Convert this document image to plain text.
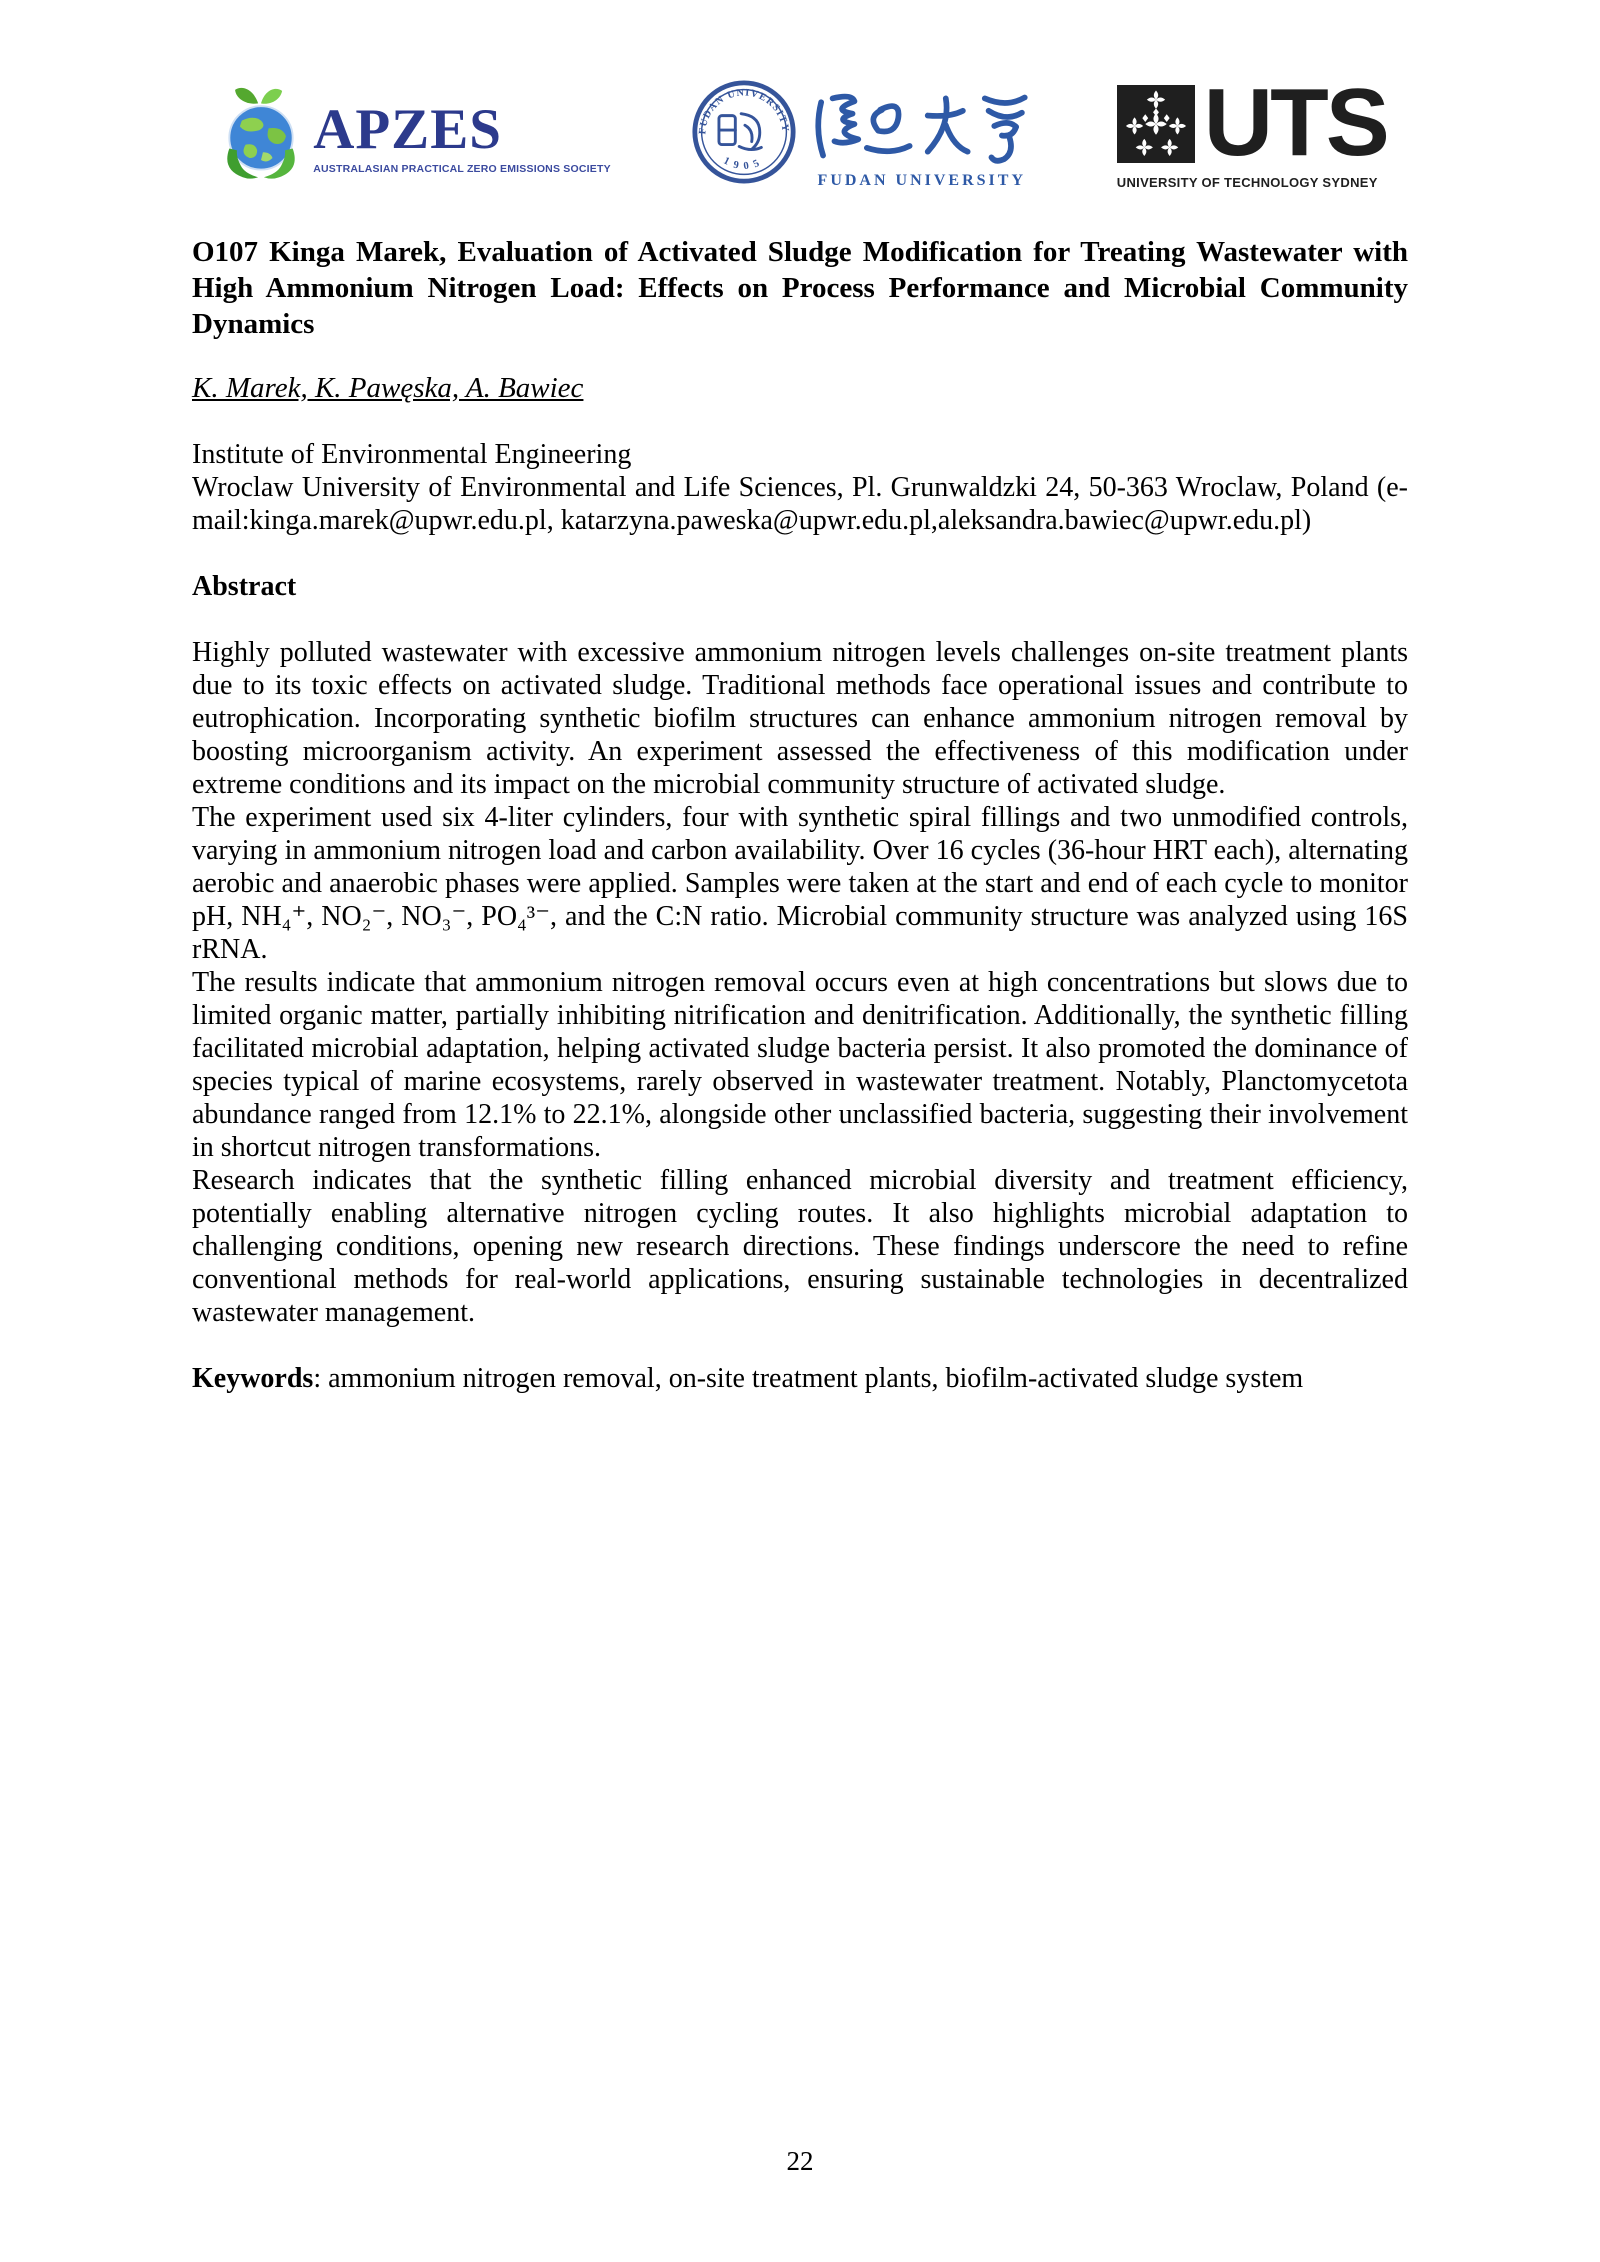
APZES
AUSTRALASIAN PRACTICAL ZERO EMISSIONS SOCIETY
FUDAN UNIVERSITY
1905
FUDAN UNIVERSITY
UTS
UNIVERSITY OF TECHNOLOGY SYDNEY

O107 Kinga Marek, Evaluation of Activated Sludge Modification for Treating Wastewater with High Ammonium Nitrogen Load: Effects on Process Performance and Microbial Community Dynamics

K. Marek, K. Pawęska, A. Bawiec

Institute of Environmental Engineering

Wroclaw University of Environmental and Life Sciences, Pl. Grunwaldzki 24, 50-363 Wroclaw, Poland (e-mail:kinga.marek@upwr.edu.pl, katarzyna.paweska@upwr.edu.pl,aleksandra.bawiec@upwr.edu.pl)

Abstract

Highly polluted wastewater with excessive ammonium nitrogen levels challenges on-site treatment plants due to its toxic effects on activated sludge. Traditional methods face operational issues and contribute to eutrophication. Incorporating synthetic biofilm structures can enhance ammonium nitrogen removal by boosting microorganism activity. An experiment assessed the effectiveness of this modification under extreme conditions and its impact on the microbial community structure of activated sludge.

The experiment used six 4-liter cylinders, four with synthetic spiral fillings and two unmodified controls, varying in ammonium nitrogen load and carbon availability. Over 16 cycles (36-hour HRT each), alternating aerobic and anaerobic phases were applied. Samples were taken at the start and end of each cycle to monitor pH, NH₄⁺, NO₂⁻, NO₃⁻, PO₄³⁻, and the C:N ratio. Microbial community structure was analyzed using 16S rRNA.

The results indicate that ammonium nitrogen removal occurs even at high concentrations but slows due to limited organic matter, partially inhibiting nitrification and denitrification. Additionally, the synthetic filling facilitated microbial adaptation, helping activated sludge bacteria persist. It also promoted the dominance of species typical of marine ecosystems, rarely observed in wastewater treatment. Notably, Planctomycetota abundance ranged from 12.1% to 22.1%, alongside other unclassified bacteria, suggesting their involvement in shortcut nitrogen transformations.

Research indicates that the synthetic filling enhanced microbial diversity and treatment efficiency, potentially enabling alternative nitrogen cycling routes. It also highlights microbial adaptation to challenging conditions, opening new research directions. These findings underscore the need to refine conventional methods for real-world applications, ensuring sustainable technologies in decentralized wastewater management.

Keywords: ammonium nitrogen removal, on-site treatment plants, biofilm-activated sludge system

22
